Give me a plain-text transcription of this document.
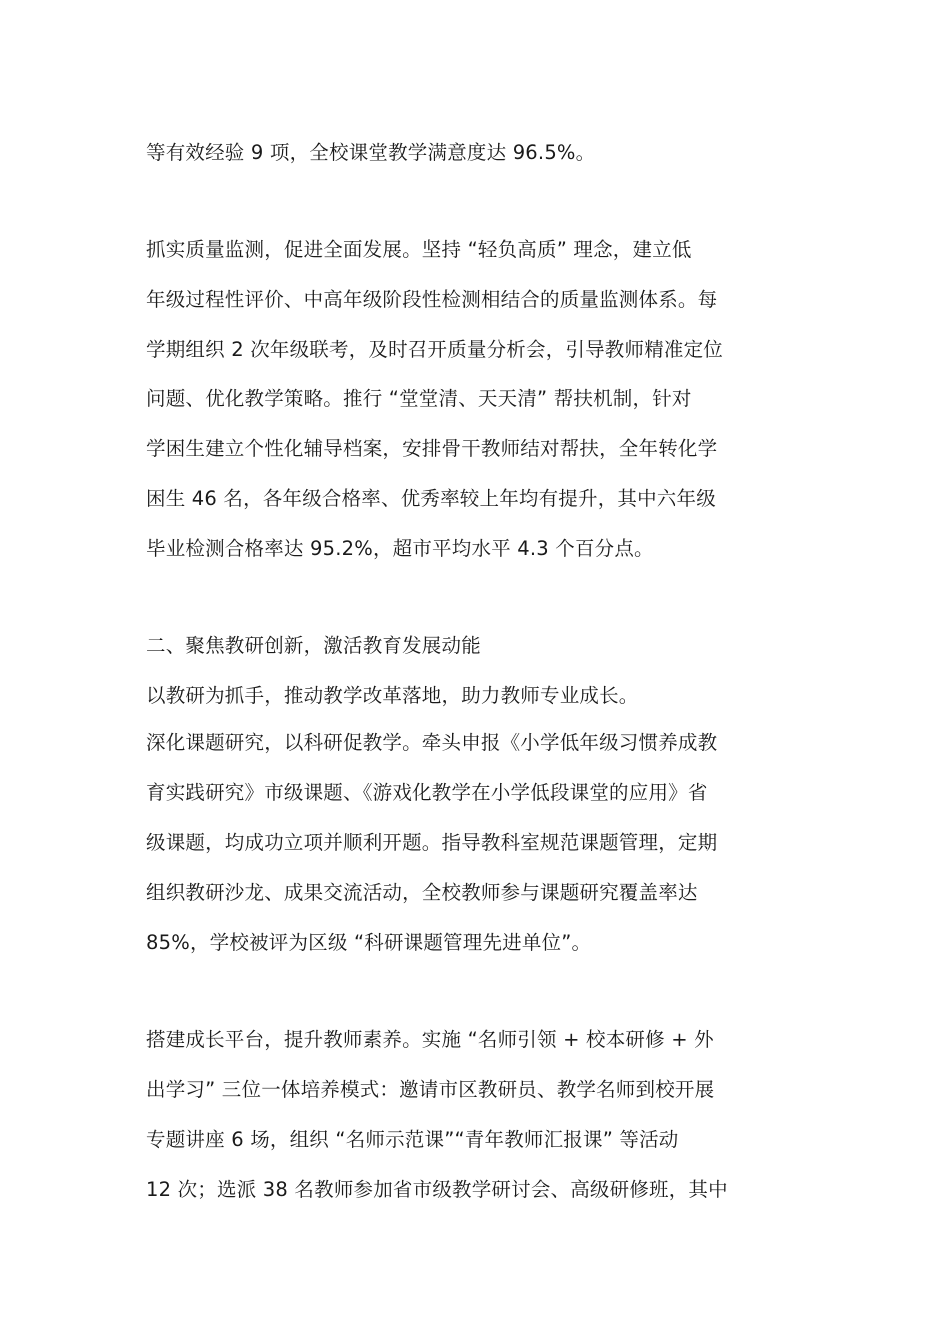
等有效经验 9 项，全校课堂教学满意度达 96.5%。
抓实质量监测，促进全面发展。坚持 “轻负高质” 理念，建立低
年级过程性评价、中高年级阶段性检测相结合的质量监测体系。每
学期组织 2 次年级联考，及时召开质量分析会，引导教师精准定位
问题、优化教学策略。推行 “堂堂清、天天清” 帮扶机制，针对
学困生建立个性化辅导档案，安排骨干教师结对帮扶，全年转化学
困生 46 名，各年级合格率、优秀率较上年均有提升，其中六年级
毕业检测合格率达 95.2%，超市平均水平 4.3 个百分点。
二、聚焦教研创新，激活教育发展动能
以教研为抓手，推动教学改革落地，助力教师专业成长。
深化课题研究，以科研促教学。牵头申报《小学低年级习惯养成教
育实践研究》市级课题、《游戏化教学在小学低段课堂的应用》省
级课题，均成功立项并顺利开题。指导教科室规范课题管理，定期
组织教研沙龙、成果交流活动，全校教师参与课题研究覆盖率达
85%，学校被评为区级 “科研课题管理先进单位”。
搭建成长平台，提升教师素养。实施 “名师引领 + 校本研修 + 外
出学习” 三位一体培养模式：邀请市区教研员、教学名师到校开展
专题讲座 6 场，组织 “名师示范课”“青年教师汇报课” 等活动
12 次；选派 38 名教师参加省市级教学研讨会、高级研修班，其中
